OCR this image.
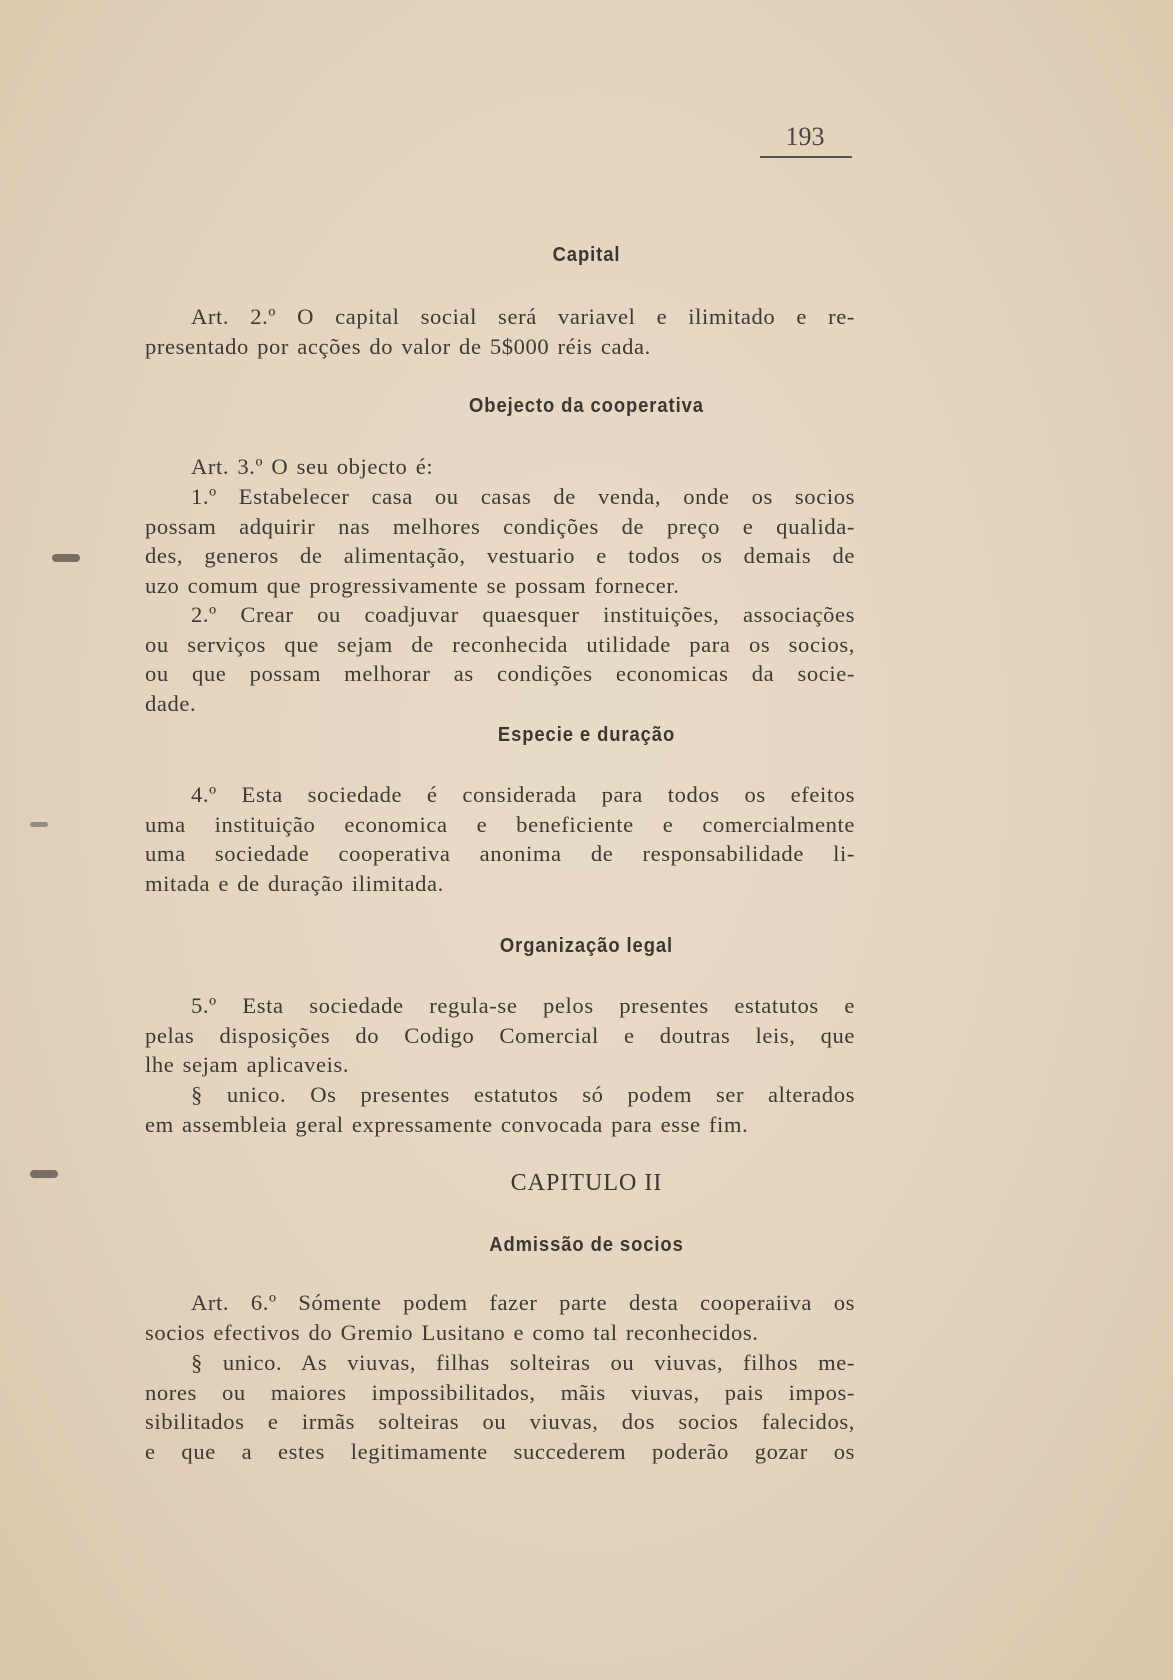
193
Capital
Art. 2.º O capital social será variavel e ilimitado e re-
presentado por acções do valor de 5$000 réis cada.
Obejecto da cooperativa
Art. 3.º O seu objecto é:
1.º Estabelecer casa ou casas de venda, onde os socios
possam adquirir nas melhores condições de preço e qualida-
des, generos de alimentação, vestuario e todos os demais de
uzo comum que progressivamente se possam fornecer.
2.º Crear ou coadjuvar quaesquer instituições, associações
ou serviços que sejam de reconhecida utilidade para os socios,
ou que possam melhorar as condições economicas da socie-
dade.
Especie e duração
4.º Esta sociedade é considerada para todos os efeitos
uma instituição economica e beneficiente e comercialmente
uma sociedade cooperativa anonima de responsabilidade li-
mitada e de duração ilimitada.
Organização legal
5.º Esta sociedade regula-se pelos presentes estatutos e
pelas disposições do Codigo Comercial e doutras leis, que
lhe sejam aplicaveis.
§ unico. Os presentes estatutos só podem ser alterados
em assembleia geral expressamente convocada para esse fim.
CAPITULO II
Admissão de socios
Art. 6.º Sómente podem fazer parte desta cooperaiiva os
socios efectivos do Gremio Lusitano e como tal reconhecidos.
§ unico. As viuvas, filhas solteiras ou viuvas, filhos me-
nores ou maiores impossibilitados, mãis viuvas, pais impos-
sibilitados e irmãs solteiras ou viuvas, dos socios falecidos,
e que a estes legitimamente succederem poderão gozar os
